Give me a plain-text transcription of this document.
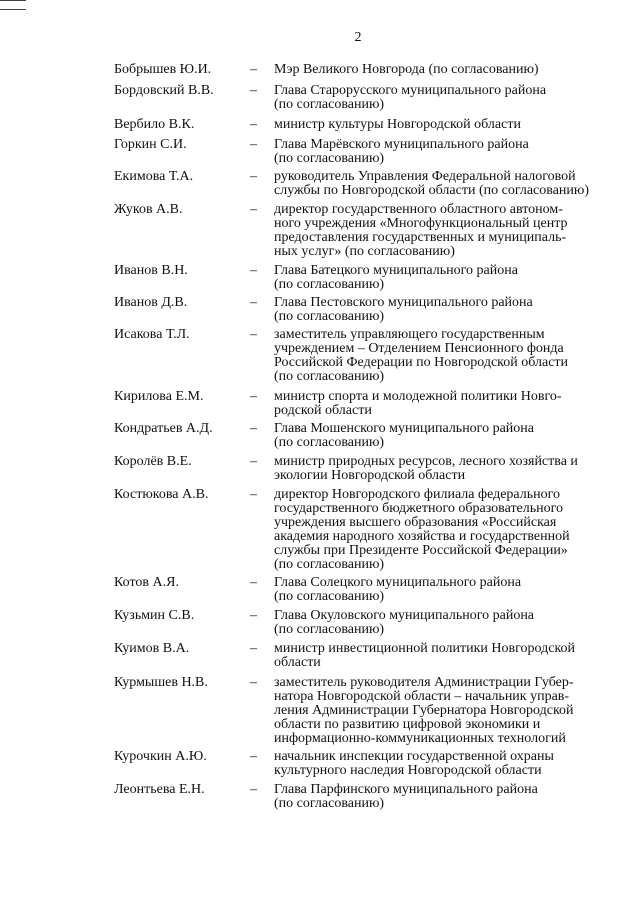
2
Бобрышев Ю.И.	– Мэр Великого Новгорода (по согласованию)
Бордовский В.В.	– Глава Старорусского муниципального района
(по согласованию)
Вербило В.К.	– министр культуры Новгородской области
Горкин С.И.	– Глава Марёвского муниципального района
(по согласованию)
Екимова Т.А.	– руководитель Управления Федеральной налоговой
службы по Новгородской области (по согласованию)
Жуков А.В.	– директор государственного областного автоном-
ного учреждения «Многофункциональный центр
предоставления государственных и муниципаль-
ных услуг» (по согласованию)
Иванов В.Н.	– Глава Батецкого муниципального района
(по согласованию)
Иванов Д.В.	– Глава Пестовского муниципального района
(по согласованию)
Исакова Т.Л.	– заместитель управляющего государственным
учреждением – Отделением Пенсионного фонда
Российской Федерации по Новгородской области
(по согласованию)
Кирилова Е.М.	– министр спорта и молодежной политики Новго-
родской области
Кондратьев А.Д.	– Глава Мошенского муниципального района
(по согласованию)
Королёв В.Е.	– министр природных ресурсов, лесного хозяйства и
экологии Новгородской области
Костюкова А.В.	– директор Новгородского филиала федерального
государственного бюджетного образовательного
учреждения высшего образования «Российская
академия народного хозяйства и государственной
службы при Президенте Российской Федерации»
(по согласованию)
Котов А.Я.	– Глава Солецкого муниципального района
(по согласованию)
Кузьмин С.В.	– Глава Окуловского муниципального района
(по согласованию)
Куимов В.А.	– министр инвестиционной политики Новгородской
области
Курмышев Н.В.	– заместитель руководителя Администрации Губер-
натора Новгородской области – начальник управ-
ления Администрации Губернатора Новгородской
области по развитию цифровой экономики и
информационно-коммуникационных технологий
Курочкин А.Ю.	– начальник инспекции государственной охраны
культурного наследия Новгородской области
Леонтьева Е.Н.	– Глава Парфинского муниципального района
(по согласованию)
